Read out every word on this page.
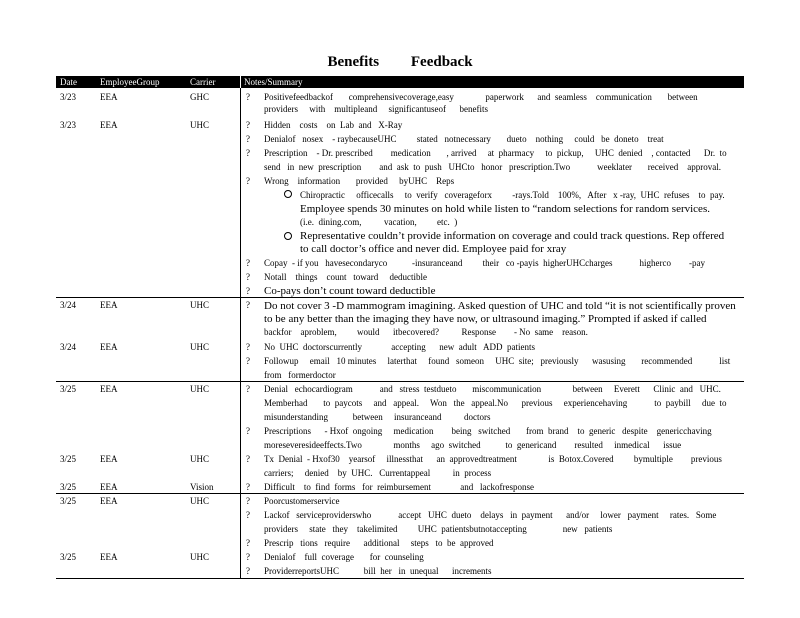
Benefits Feedback
Date	EmployeeGroup	Carrier	Notes/Summary
3/23	EEA	GHC	? Positivefeedbackof       comprehensivecoverage,easy              paperwork      and  seamless    communication       between
providers     with    multipleand     significantuseof      benefits
3/23	EEA	UHC	? Hidden    costs    on  Lab  and   X-Ray
? Denialof   nosex    - raybecauseUHC         stated   notnecessary       dueto    nothing     could   be  doneto    treat
? Prescription    - Dr. prescribed        medication       , arrived     at  pharmacy     to  pickup,     UHC  denied    , contacted      Dr.  to
send   in  new  prescription        and  ask  to  push   UHCto   honor   prescription.Two            weeklater       received    approval.
? Wrong    information       provided     byUHC    Reps
Chiropractic     officecalls     to  verify   coverageforx         -rays.Told    100%,   After   x -ray,  UHC  refuses    to  pay.
Employee spends 30 minutes on hold while listen to “random selections for random services.
(i.e.  dining.com,          vacation,         etc.  )
Representative couldn’t provide information on coverage and could track questions. Rep offered
to call doctor’s office and never did. Employee paid for xray
? Copay  - if you   havesecondaryco           -insuranceand         their   co -payis  higherUHCcharges            higherco        -pay
? Notall    things    count   toward     deductible
? Co-pays don’t count toward deductible
3/24	EEA	UHC	? Do not cover 3 -D mammogram imagining. Asked question of UHC and told “it is not scientifically proven
to be any better than the imaging they have now, or ultrasound imaging.” Prompted if asked if called
backfor    aproblem,         would      itbecovered?          Response        - No  same    reason.
3/24	EEA	UHC	? No  UHC  doctorscurrently             accepting      new  adult   ADD  patients
? Followup     email   10 minutes     laterthat     found   someon     UHC  site;   previously      wasusing       recommended            list
from   formerdoctor
3/25	EEA	UHC	? Denial   echocardiogram            and   stress  testdueto       miscommunication              between     Everett      Clinic  and   UHC.
Memberhad       to  paycots     and   appeal.     Won   the   appeal.No      previous     experiencehaving            to  paybill     due  to
misunderstanding           between     insuranceand          doctors
? Prescriptions      - Hxof  ongoing     medication        being   switched       from  brand    to  generic   despite    genericchaving
moreseveresideeffects.Two              months     ago  switched           to  genericand        resulted     inmedical      issue
3/25	EEA	UHC	? Tx  Denial  - Hxof30    yearsof     illnessthat      an  approvedtreatment              is  Botox.Covered         bymultiple        previous
carriers;     denied    by  UHC.   Currentappeal          in  process
3/25	EEA	Vision	? Difficult    to  find  forms   for  reimbursement             and   lackofresponse
3/25	EEA	UHC	? Poorcustomerservice
? Lackof   serviceproviderswho            accept   UHC  dueto    delays   in  payment      and/or     lower   payment     rates.   Some
providers     state   they    takelimited         UHC  patientsbutnotaccepting                new   patients
? Prescrip   tions   require      additional     steps   to  be  approved
3/25	EEA	UHC	? Denialof    full  coverage       for  counseling
? ProviderreportsUHC           bill  her   in  unequal      increments
